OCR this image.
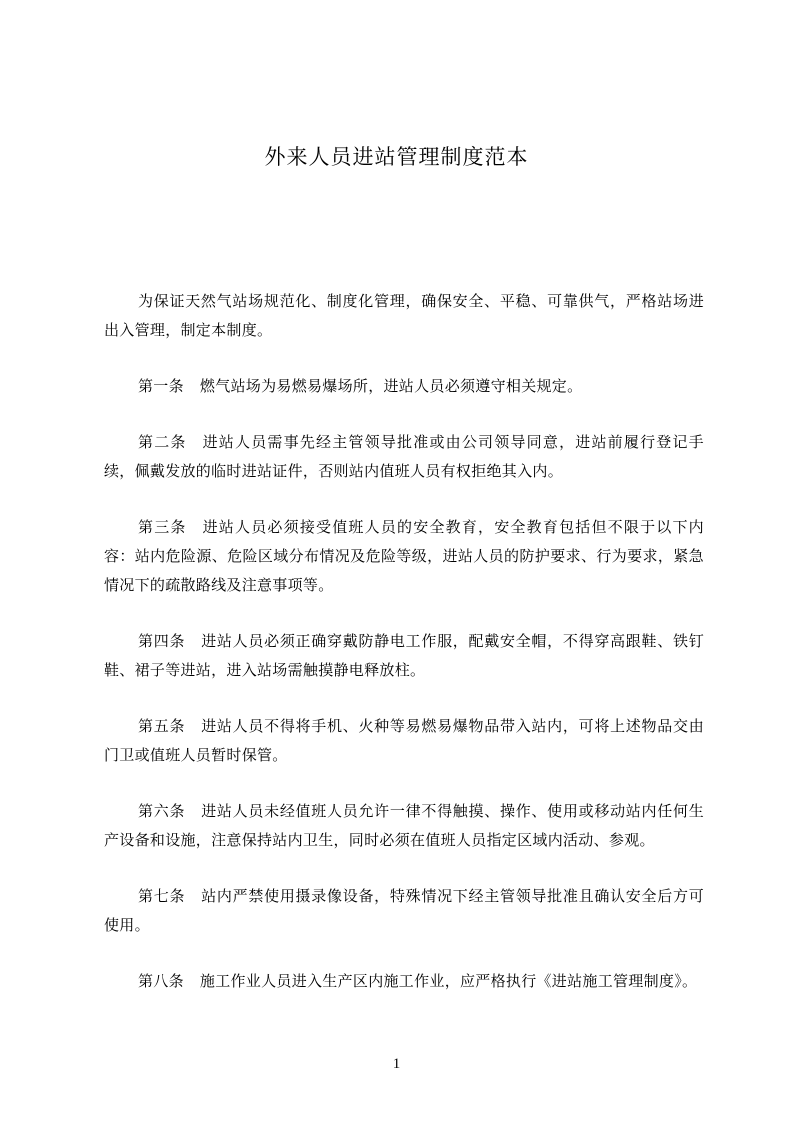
外来人员进站管理制度范本

为保证天然气站场规范化、制度化管理，确保安全、平稳、可靠供气，严格站场进出入管理，制定本制度。

第一条 燃气站场为易燃易爆场所，进站人员必须遵守相关规定。

第二条 进站人员需事先经主管领导批准或由公司领导同意，进站前履行登记手续，佩戴发放的临时进站证件，否则站内值班人员有权拒绝其入内。

第三条 进站人员必须接受值班人员的安全教育，安全教育包括但不限于以下内容：站内危险源、危险区域分布情况及危险等级，进站人员的防护要求、行为要求，紧急情况下的疏散路线及注意事项等。

第四条 进站人员必须正确穿戴防静电工作服，配戴安全帽，不得穿高跟鞋、铁钉鞋、裙子等进站，进入站场需触摸静电释放柱。

第五条 进站人员不得将手机、火种等易燃易爆物品带入站内，可将上述物品交由门卫或值班人员暂时保管。

第六条 进站人员未经值班人员允许一律不得触摸、操作、使用或移动站内任何生产设备和设施，注意保持站内卫生，同时必须在值班人员指定区域内活动、参观。

第七条 站内严禁使用摄录像设备，特殊情况下经主管领导批准且确认安全后方可使用。

第八条 施工作业人员进入生产区内施工作业，应严格执行《进站施工管理制度》。

1
